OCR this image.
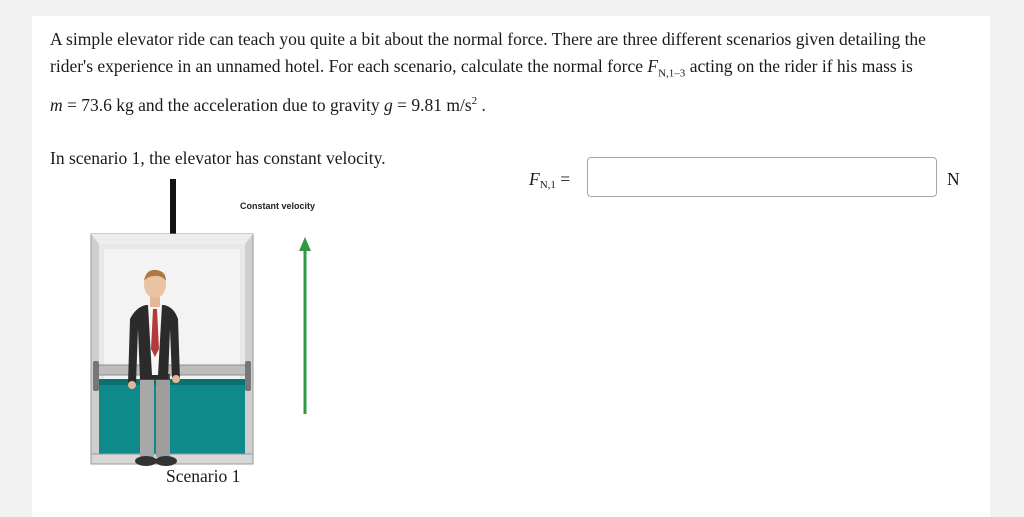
A simple elevator ride can teach you quite a bit about the normal force. There are three different scenarios given detailing the rider's experience in an unnamed hotel. For each scenario, calculate the normal force $F_{N,1-3}$ acting on the rider if his mass is
m = 73.6 kg and the acceleration due to gravity g = 9.81 $m/s^2$ .
In scenario 1, the elevator has constant velocity.
$F_{N,1}$ =	N
Constant velocity
Scenario 1
